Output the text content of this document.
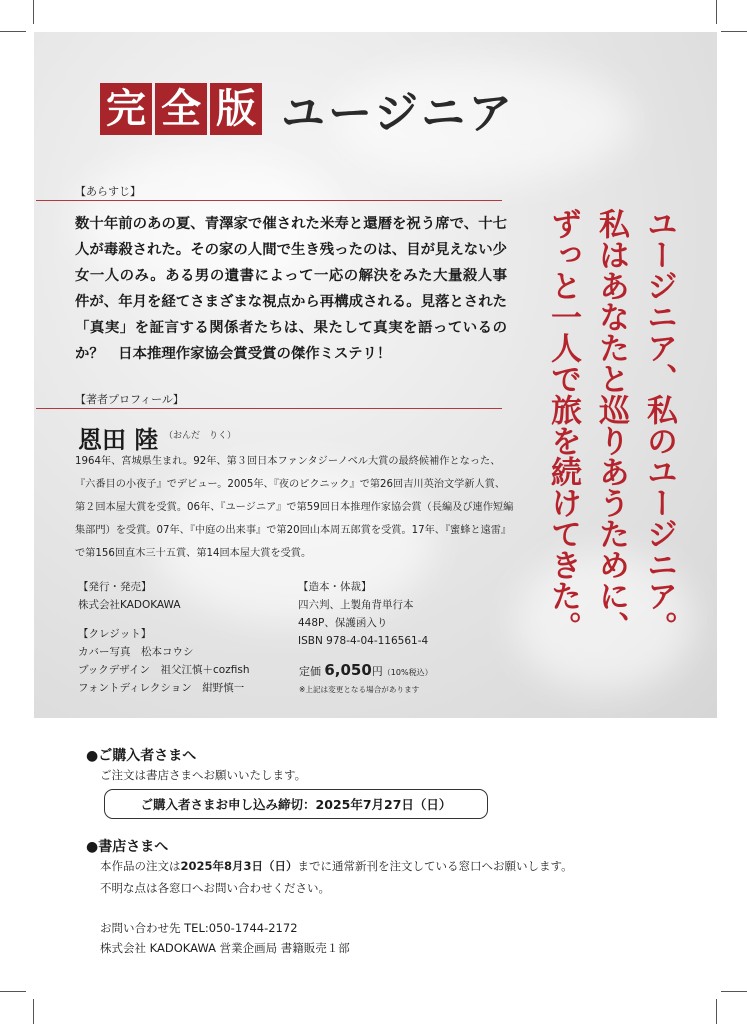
完 全 版 ユージニア
【あらすじ】
数十年前のあの夏、青澤家で催された米寿と還暦を祝う席で、十七人が毒殺された。その家の人間で生き残ったのは、目が見えない少女一人のみ。ある男の遺書によって一応の解決をみた大量殺人事件が、年月を経てさまざまな視点から再構成される。見落とされた「真実」を証言する関係者たちは、果たして真実を語っているのか？　日本推理作家協会賞受賞の傑作ミステリ！
【著者プロフィール】
恩田 陸 （おんだ　りく）
1964年、宮城県生まれ。92年、第３回日本ファンタジーノベル大賞の最終候補作となった、『六番目の小夜子』でデビュー。2005年、『夜のピクニック』で第26回吉川英治文学新人賞、第２回本屋大賞を受賞。06年、『ユージニア』で第59回日本推理作家協会賞（長編及び連作短編集部門）を受賞。07年、『中庭の出来事』で第20回山本周五郎賞を受賞。17年、『蜜蜂と遠雷』で第156回直木三十五賞、第14回本屋大賞を受賞。
【発行・発売】
株式会社KADOKAWA
【クレジット】
カバー写真　松本コウシ
ブックデザイン　祖父江慎＋cozfish
フォントディレクション　紺野慎一
【造本・体裁】
四六判、上製角背単行本
448P、保護函入り
ISBN 978-4-04-116561-4
定価 6,050円（10%税込）
※上記は変更となる場合があります
ユージニア、私のユージニア。
私はあなたと巡りあうために、
ずっと一人で旅を続けてきた。
●ご購入者さまへ
ご注文は書店さまへお願いいたします。
ご購入者さまお申し込み締切：2025年7月27日（日）
●書店さまへ
本作品の注文は2025年8月3日（日）までに通常新刊を注文している窓口へお願いします。
不明な点は各窓口へお問い合わせください。
お問い合わせ先 TEL:050-1744-2172
株式会社 KADOKAWA 営業企画局 書籍販売１部
